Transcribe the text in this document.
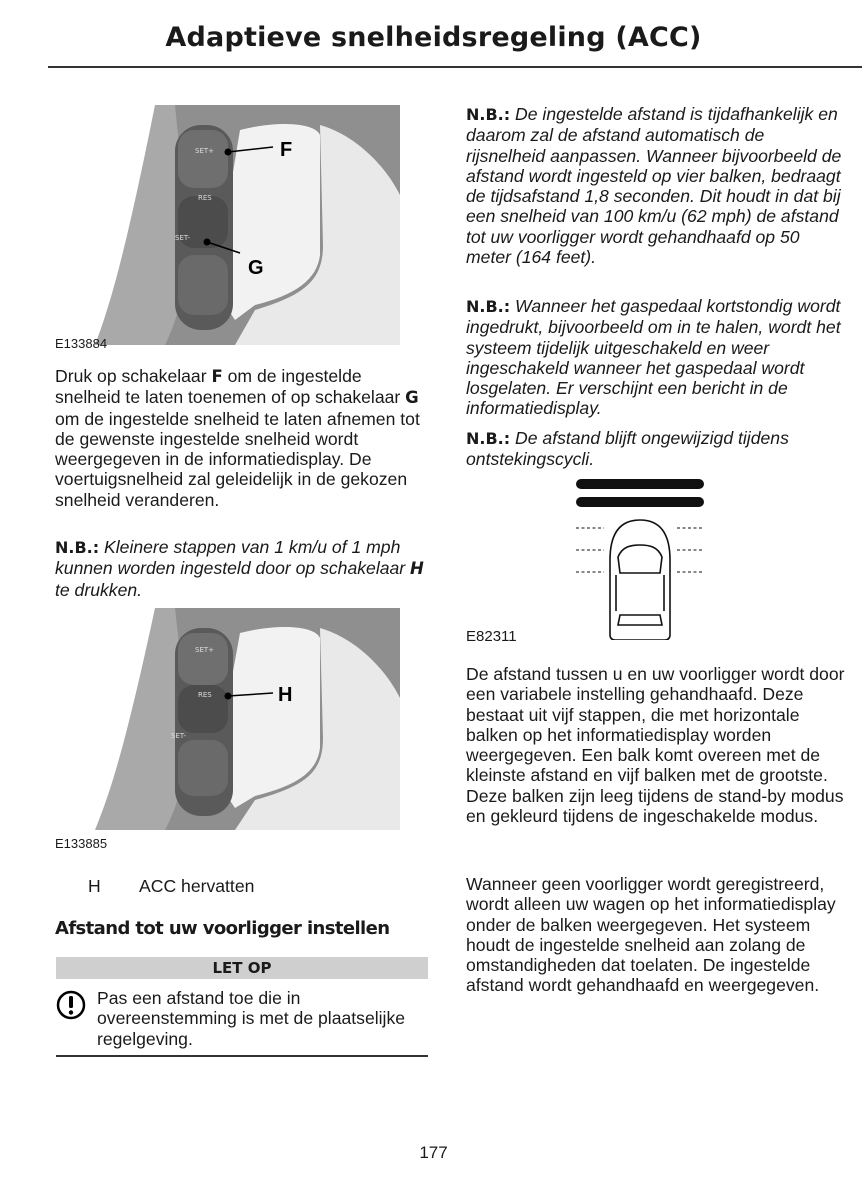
Adaptieve snelheidsregeling (ACC)
SET+
RES
SET-
F
G
E133884

Druk op schakelaar F om de ingestelde snelheid te laten toenemen of op schakelaar G om de ingestelde snelheid te laten afnemen tot de gewenste ingestelde snelheid wordt weergegeven in de informatiedisplay. De voertuigsnelheid zal geleidelijk in de gekozen snelheid veranderen.

N.B.: Kleinere stappen van 1 km/u of 1 mph kunnen worden ingesteld door op schakelaar H te drukken.

SET+
RES
SET-
H
E133885
H	ACC hervatten
Afstand tot uw voorligger instellen
LET OP
Pas een afstand toe die in overeenstemming is met de plaatselijke regelgeving.

N.B.: De ingestelde afstand is tijdafhankelijk en daarom zal de afstand automatisch de rijsnelheid aanpassen. Wanneer bijvoorbeeld de afstand wordt ingesteld op vier balken, bedraagt de tijdsafstand 1,8 seconden. Dit houdt in dat bij een snelheid van 100 km/u (62 mph) de afstand tot uw voorligger wordt gehandhaafd op 50 meter (164 feet).

N.B.: Wanneer het gaspedaal kortstondig wordt ingedrukt, bijvoorbeeld om in te halen, wordt het systeem tijdelijk uitgeschakeld en weer ingeschakeld wanneer het gaspedaal wordt losgelaten. Er verschijnt een bericht in de informatiedisplay.

N.B.: De afstand blijft ongewijzigd tijdens ontstekingscycli.

E82311
De afstand tussen u en uw voorligger wordt door een variabele instelling gehandhaafd. Deze bestaat uit vijf stappen, die met horizontale balken op het informatiedisplay worden weergegeven. Een balk komt overeen met de kleinste afstand en vijf balken met de grootste. Deze balken zijn leeg tijdens de stand-by modus en gekleurd tijdens de ingeschakelde modus.
Wanneer geen voorligger wordt geregistreerd, wordt alleen uw wagen op het informatiedisplay onder de balken weergegeven. Het systeem houdt de ingestelde snelheid aan zolang de omstandigheden dat toelaten. De ingestelde afstand wordt gehandhaafd en weergegeven.
177
